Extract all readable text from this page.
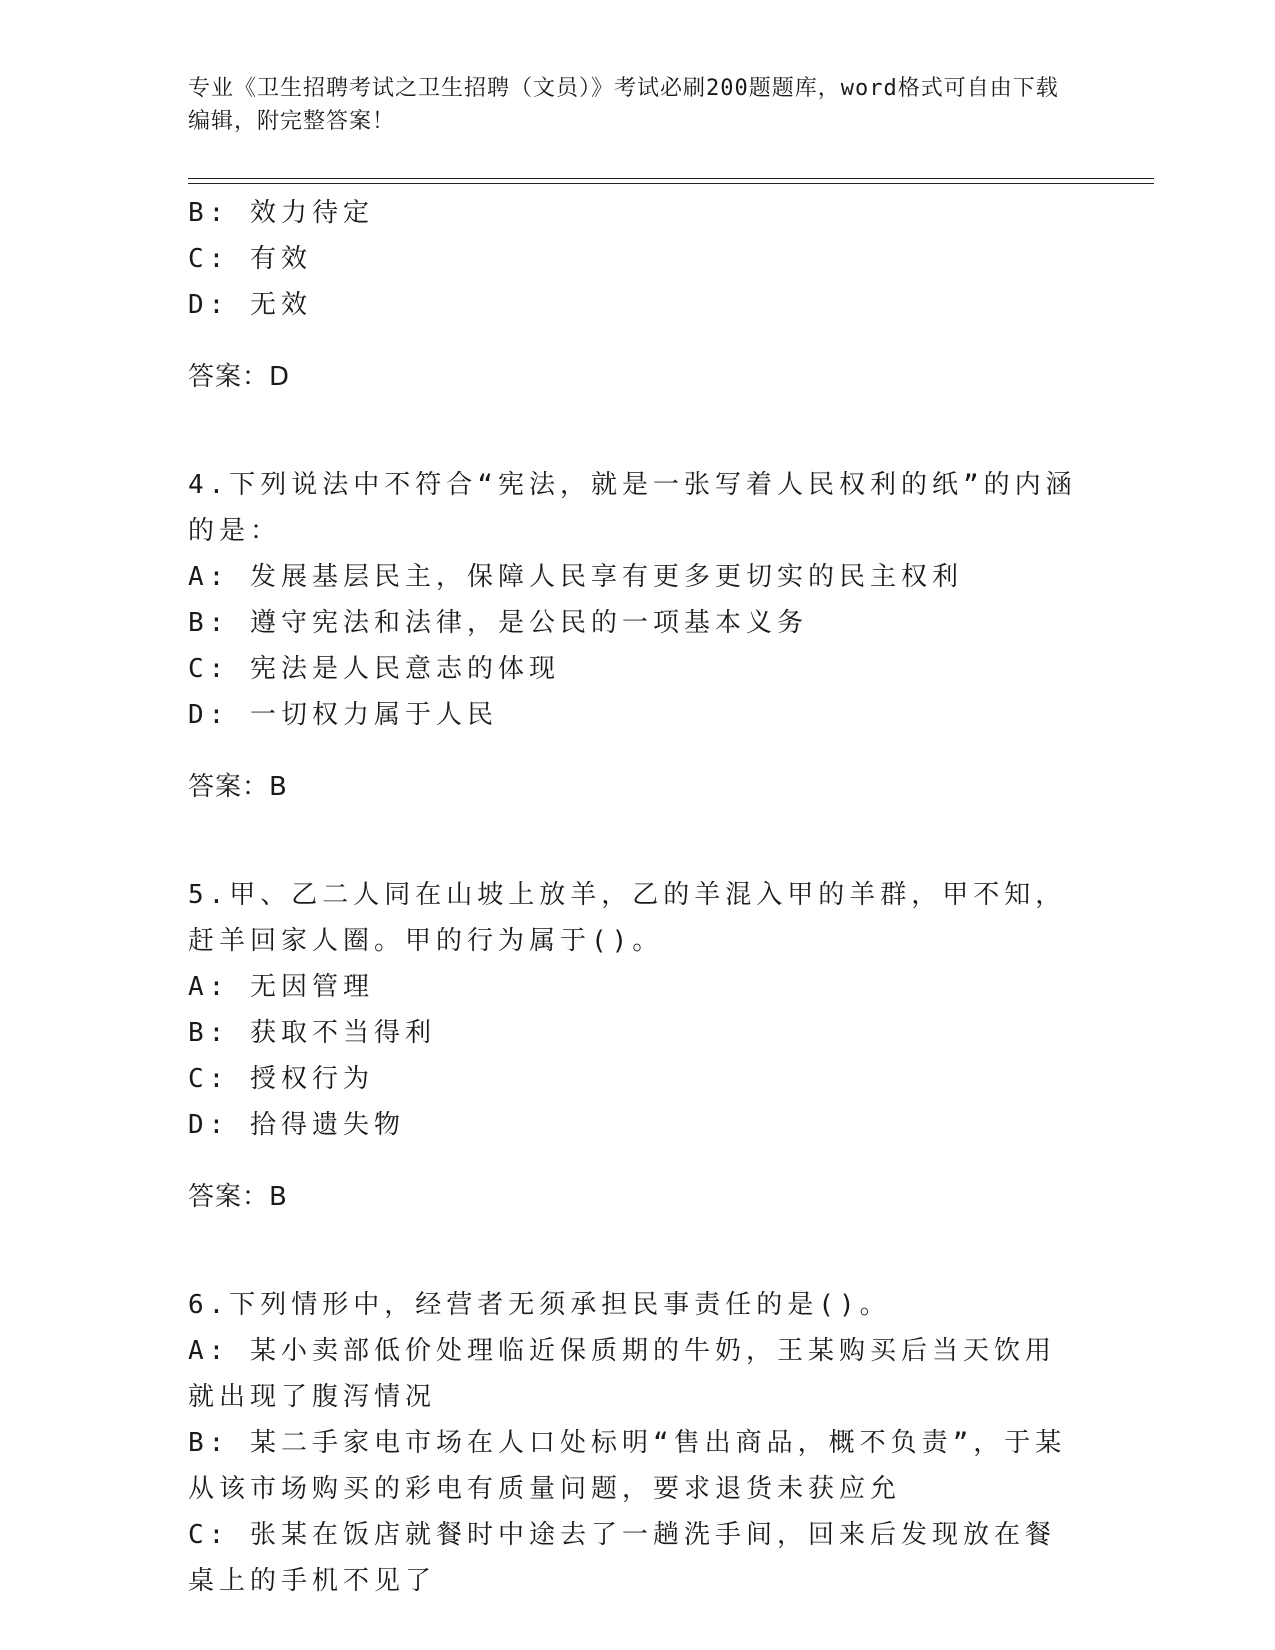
专业《卫生招聘考试之卫生招聘（文员）》考试必刷200题题库，word格式可自由下载编辑，附完整答案！

B: 效力待定

C: 有效

D: 无效

答案：D

4.下列说法中不符合“宪法，就是一张写着人民权利的纸”的内涵的是：

A: 发展基层民主，保障人民享有更多更切实的民主权利

B: 遵守宪法和法律，是公民的一项基本义务

C: 宪法是人民意志的体现

D: 一切权力属于人民

答案：B

5.甲、乙二人同在山坡上放羊，乙的羊混入甲的羊群，甲不知，赶羊回家人圈。甲的行为属于()。

A: 无因管理

B: 获取不当得利

C: 授权行为

D: 拾得遗失物

答案：B

6.下列情形中，经营者无须承担民事责任的是()。

A: 某小卖部低价处理临近保质期的牛奶，王某购买后当天饮用就出现了腹泻情况

B: 某二手家电市场在人口处标明“售出商品，概不负责”，于某从该市场购买的彩电有质量问题，要求退货未获应允

C: 张某在饭店就餐时中途去了一趟洗手间，回来后发现放在餐桌上的手机不见了
